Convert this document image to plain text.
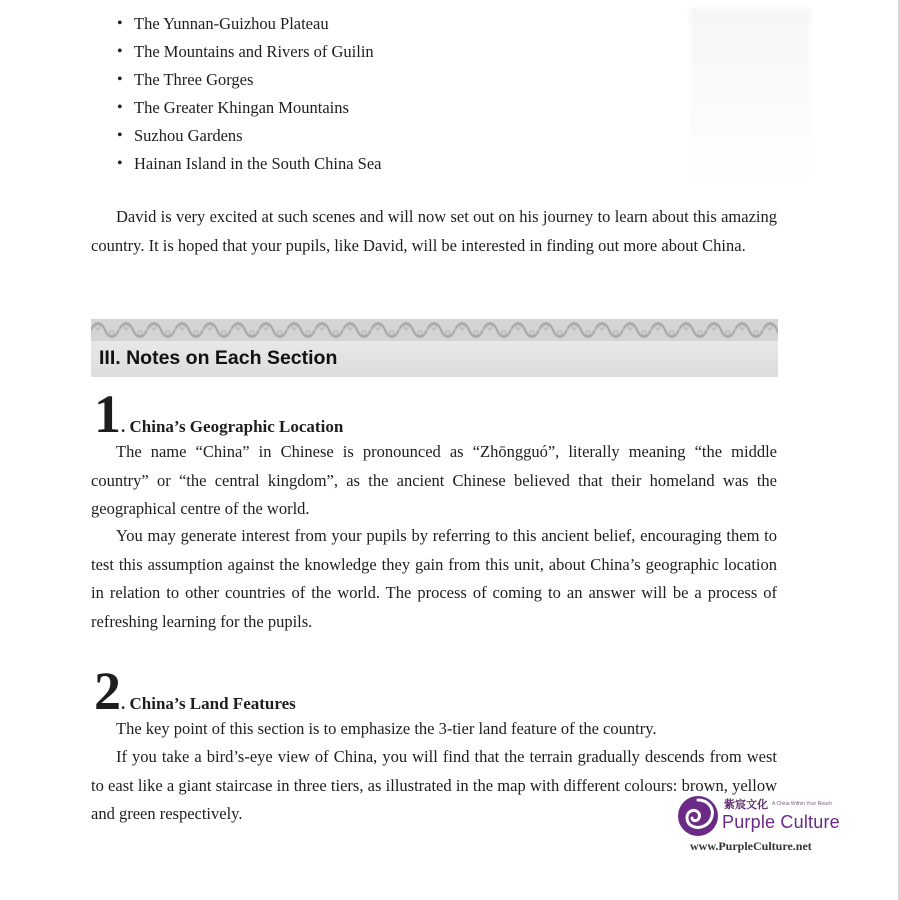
• The Yunnan-Guizhou Plateau
• The Mountains and Rivers of Guilin
• The Three Gorges
• The Greater Khingan Mountains
• Suzhou Gardens
• Hainan Island in the South China Sea

David is very excited at such scenes and will now set out on his journey to learn about this amazing country. It is hoped that your pupils, like David, will be interested in finding out more about China.

III. Notes on Each Section
1. China’s Geographic Location

The name “China” in Chinese is pronounced as “Zhōngguó”, literally meaning “the middle country” or “the central kingdom”, as the ancient Chinese believed that their homeland was the geographical centre of the world.

You may generate interest from your pupils by referring to this ancient belief, encouraging them to test this assumption against the knowledge they gain from this unit, about China’s geographic location in relation to other countries of the world. The process of coming to an answer will be a process of refreshing learning for the pupils.

2. China’s Land Features

The key point of this section is to emphasize the 3-tier land feature of the country.

If you take a bird’s-eye view of China, you will find that the terrain gradually descends from west to east like a giant staircase in three tiers, as illustrated in the map with different colours: brown, yellow and green respectively.	紫宸文化 A China Within Your Reach
Purple Culture
www.PurpleCulture.net
